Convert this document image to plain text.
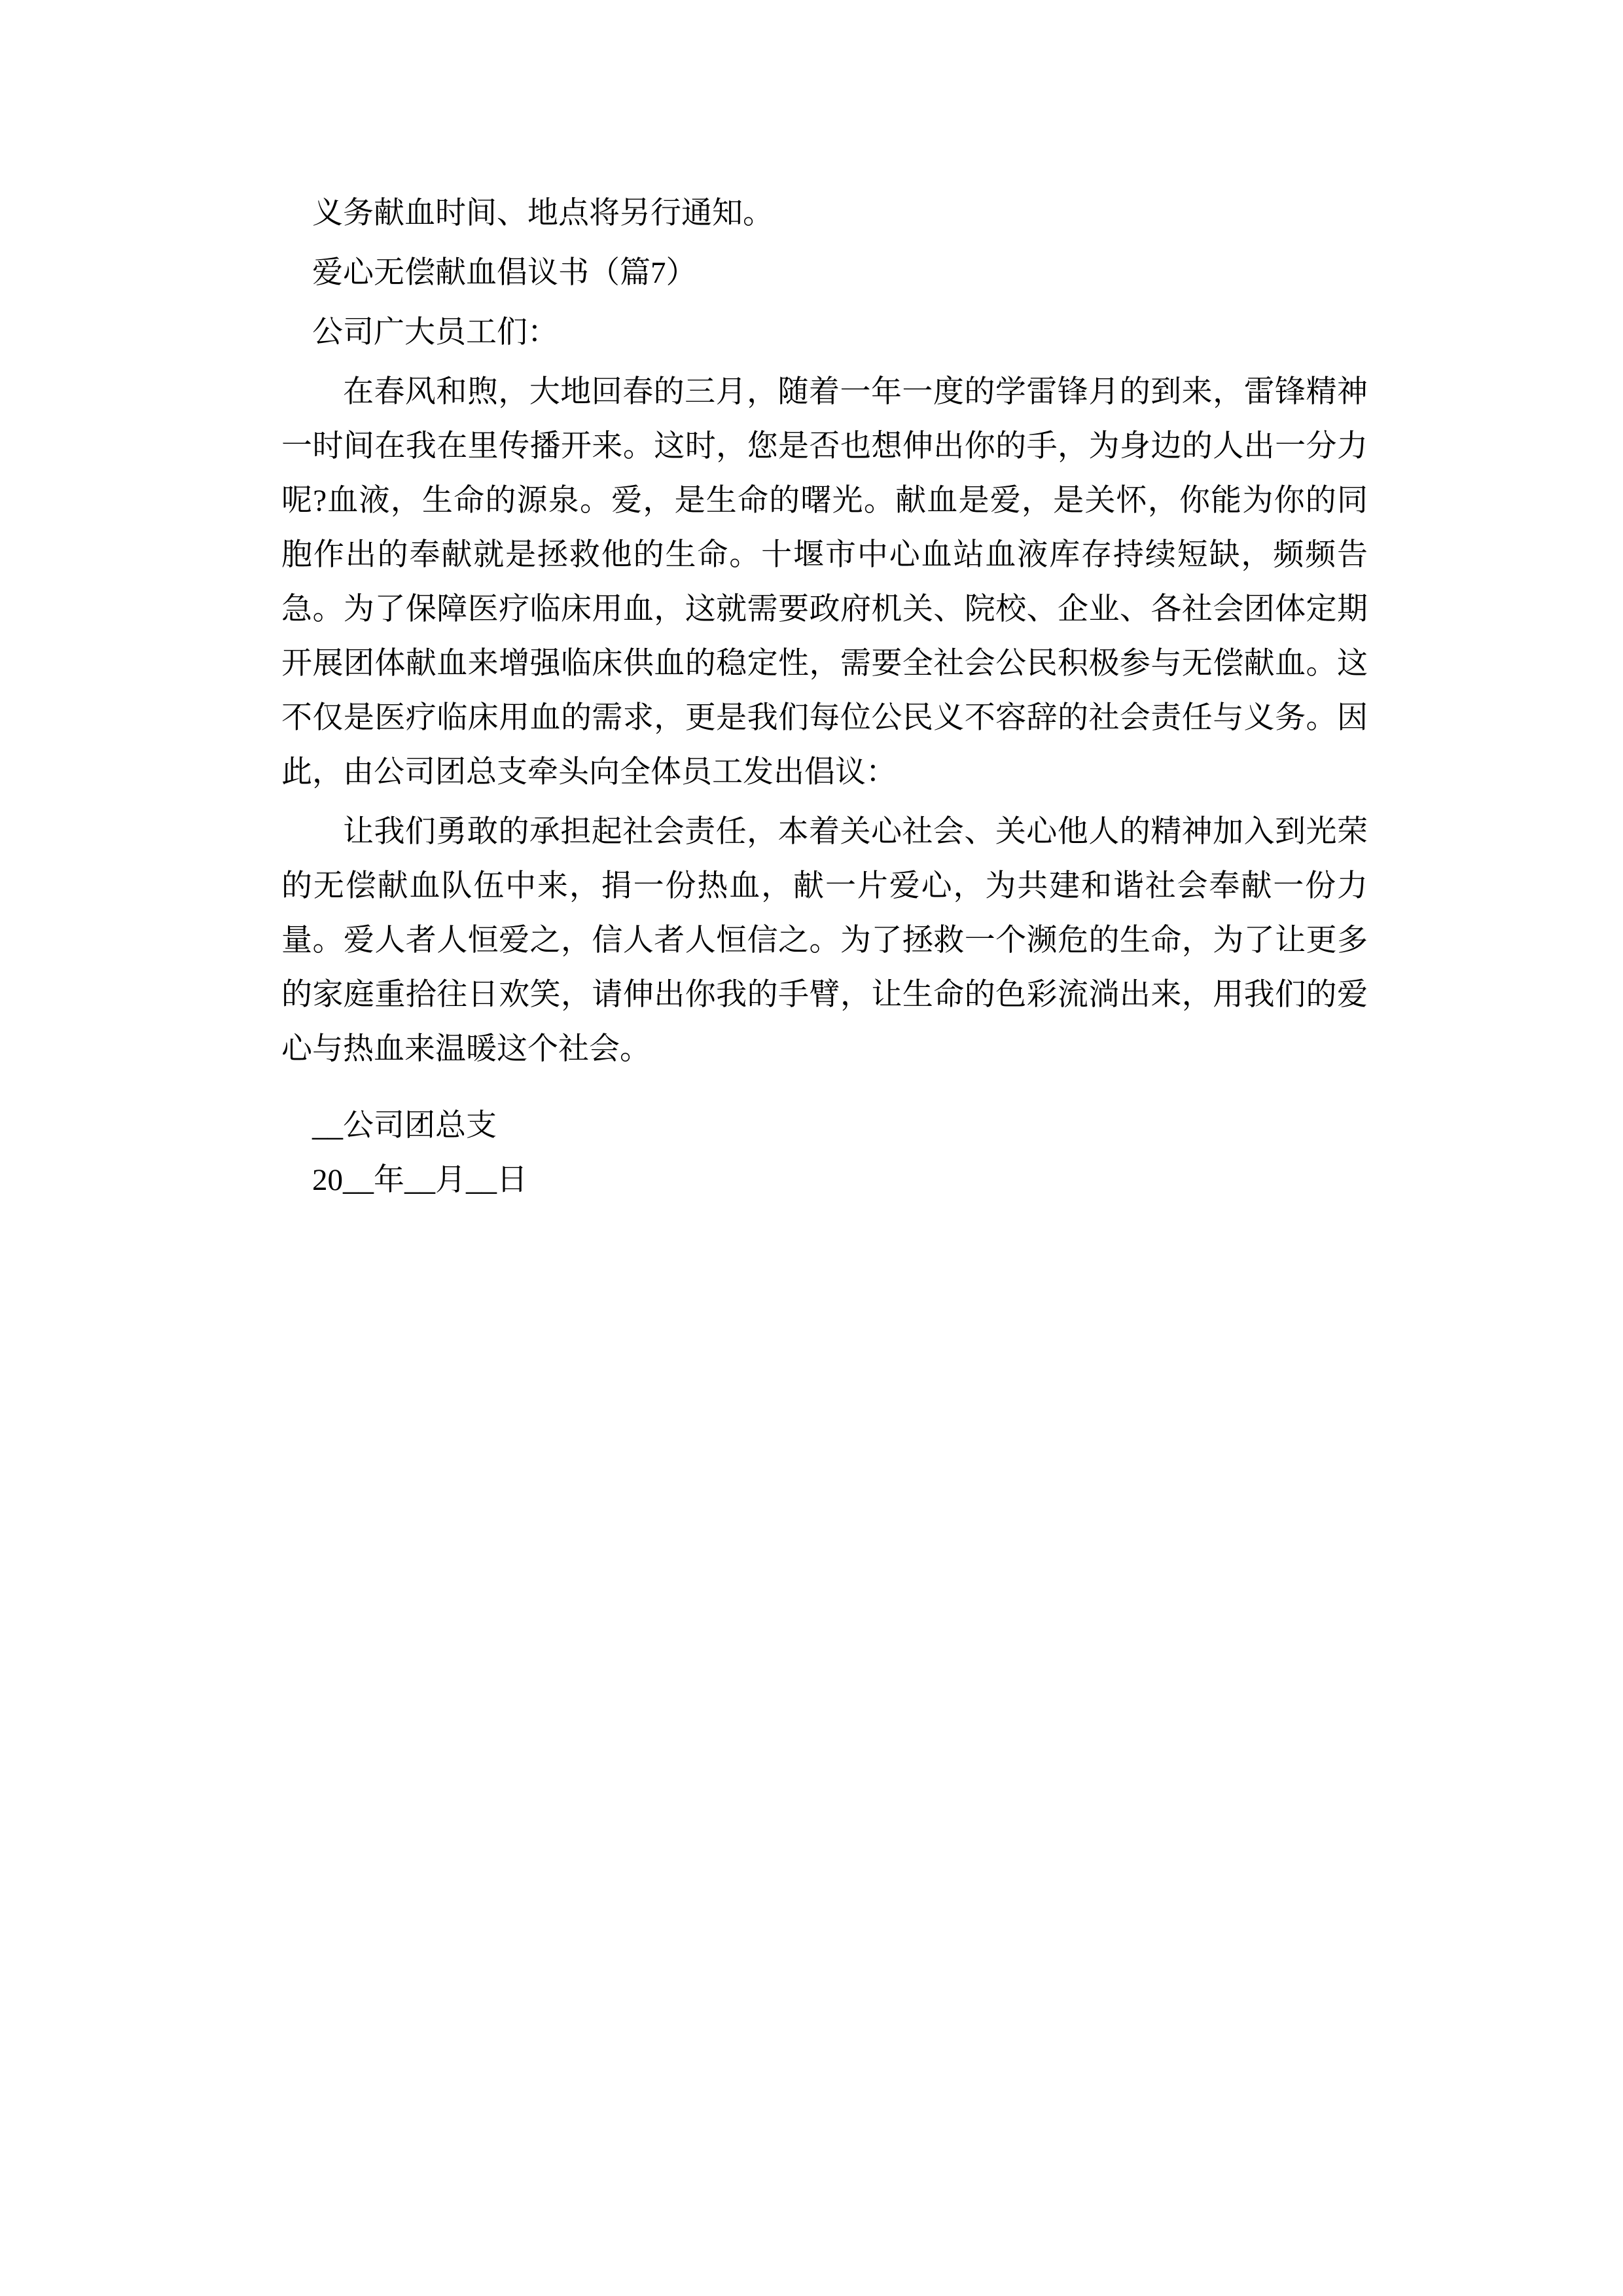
义务献血时间、地点将另行通知。

爱心无偿献血倡议书（篇7）

公司广大员工们：

在春风和煦，大地回春的三月，随着一年一度的学雷锋月的到来，雷锋精神一时间在我在里传播开来。这时，您是否也想伸出你的手，为身边的人出一分力呢?血液，生命的源泉。爱，是生命的曙光。献血是爱，是关怀，你能为你的同胞作出的奉献就是拯救他的生命。十堰市中心血站血液库存持续短缺，频频告急。为了保障医疗临床用血，这就需要政府机关、院校、企业、各社会团体定期开展团体献血来增强临床供血的稳定性，需要全社会公民积极参与无偿献血。这不仅是医疗临床用血的需求，更是我们每位公民义不容辞的社会责任与义务。因此，由公司团总支牵头向全体员工发出倡议：

让我们勇敢的承担起社会责任，本着关心社会、关心他人的精神加入到光荣的无偿献血队伍中来，捐一份热血，献一片爱心，为共建和谐社会奉献一份力量。爱人者人恒爱之，信人者人恒信之。为了拯救一个濒危的生命，为了让更多的家庭重拾往日欢笑，请伸出你我的手臂，让生命的色彩流淌出来，用我们的爱心与热血来温暖这个社会。

__公司团总支
20__年__月__日
